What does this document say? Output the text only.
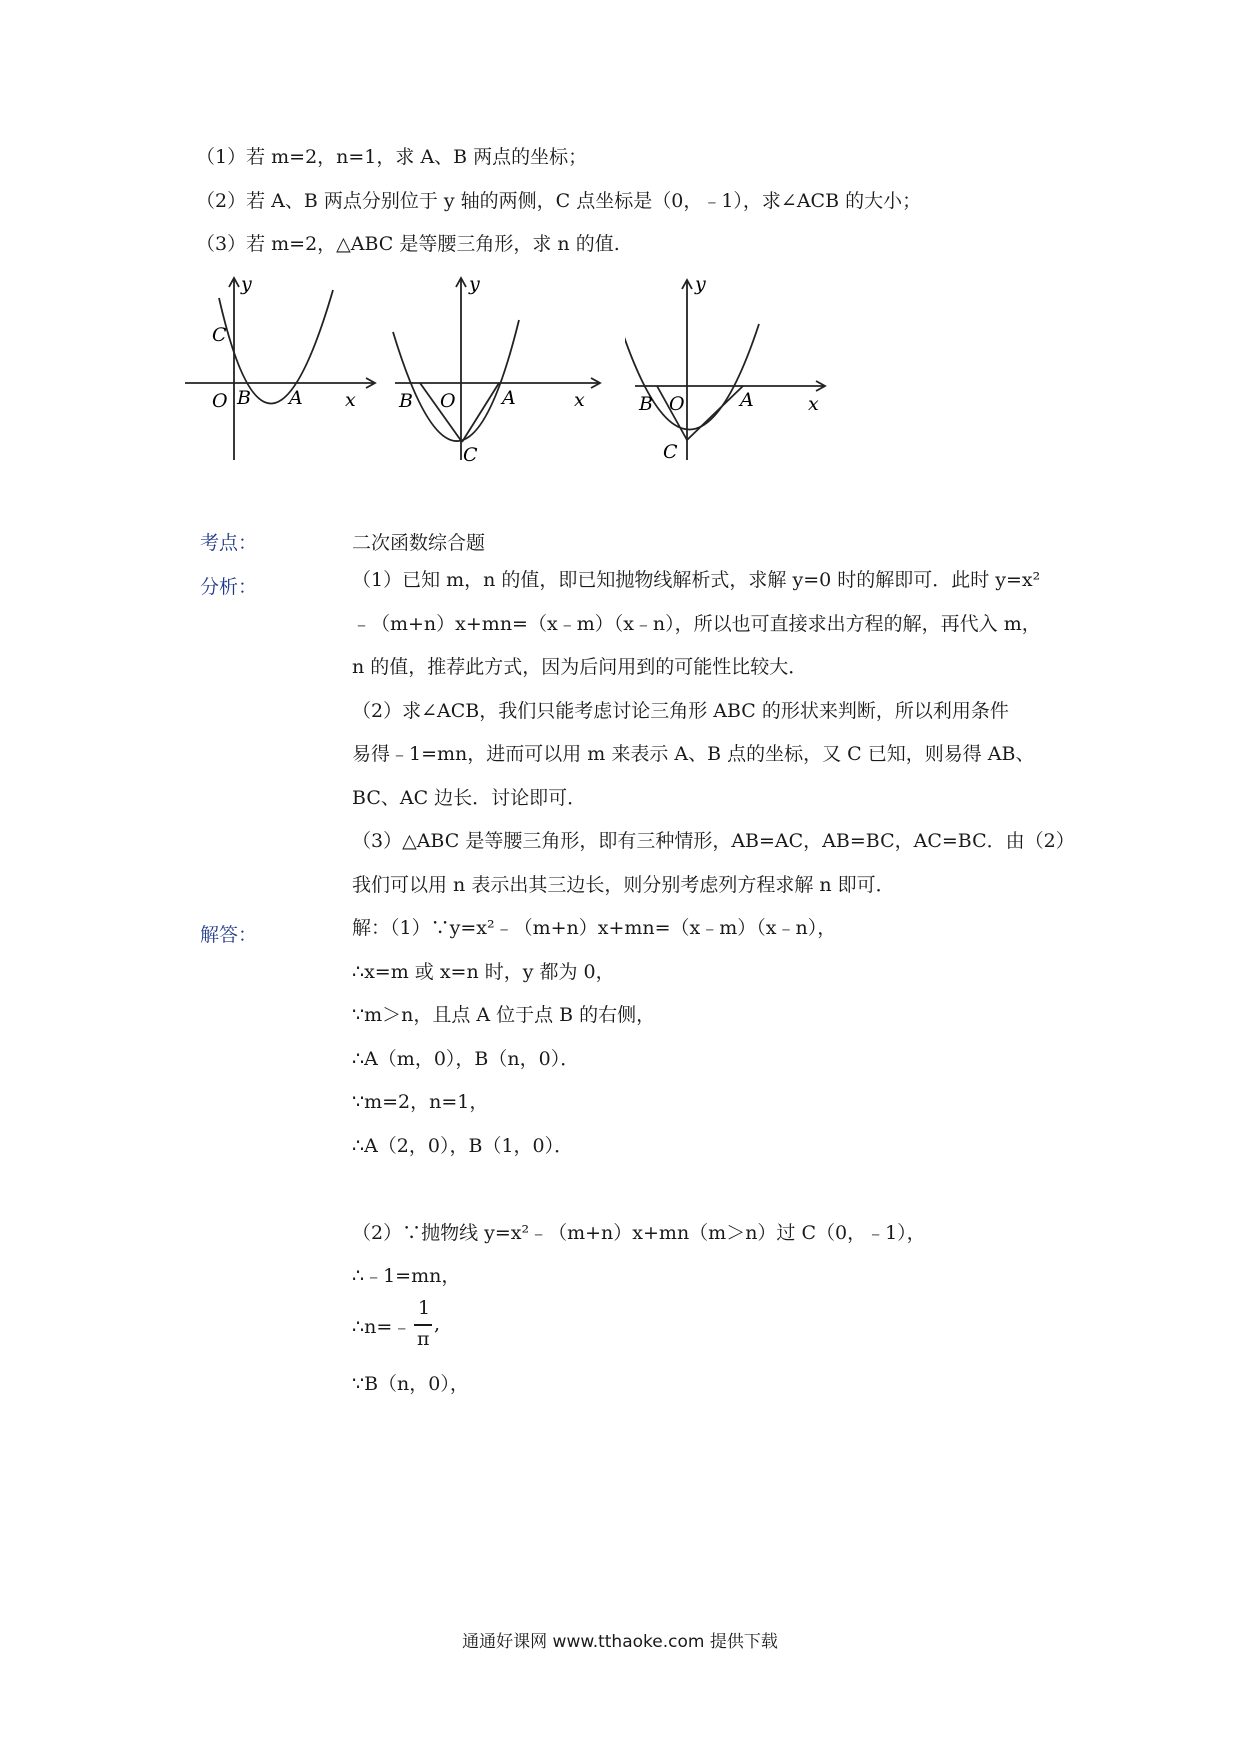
（1）若 m=2，n=1，求 A、B 两点的坐标；
（2）若 A、B 两点分别位于 y 轴的两侧，C 点坐标是（0，﹣1），求∠ACB 的大小；
（3）若 m=2，△ABC 是等腰三角形，求 n 的值.
y
x
O
C
B A
y
x
O
B	A
C
y
x
O
B	A
C
考点：	二次函数综合题
分析：	（1）已知 m，n 的值，即已知抛物线解析式，求解 y=0 时的解即可．此时 y=x²
﹣（m+n）x+mn=（x﹣m）（x﹣n），所以也可直接求出方程的解，再代入 m，
n 的值，推荐此方式，因为后问用到的可能性比较大．
（2）求∠ACB，我们只能考虑讨论三角形 ABC 的形状来判断，所以利用条件
易得﹣1=mn，进而可以用 m 来表示 A、B 点的坐标，又 C 已知，则易得 AB、
BC、AC 边长．讨论即可．
（3）△ABC 是等腰三角形，即有三种情形，AB=AC，AB=BC，AC=BC．由（2）
我们可以用 n 表示出其三边长，则分别考虑列方程求解 n 即可．
解答：	解：（1）∵y=x²﹣（m+n）x+mn=（x﹣m）（x﹣n），
∴x=m 或 x=n 时，y 都为 0，
∵m＞n，且点 A 位于点 B 的右侧，
∴A（m，0），B（n，0）．
∵m=2，n=1，
∴A（2，0），B（1，0）．
（2）∵抛物线 y=x²﹣（m+n）x+mn（m＞n）过 C（0，﹣1），
∴﹣1=mn，
∴n=﹣
1
π
,
∵B（n，0），
通通好课网 www.tthaoke.com 提供下载
